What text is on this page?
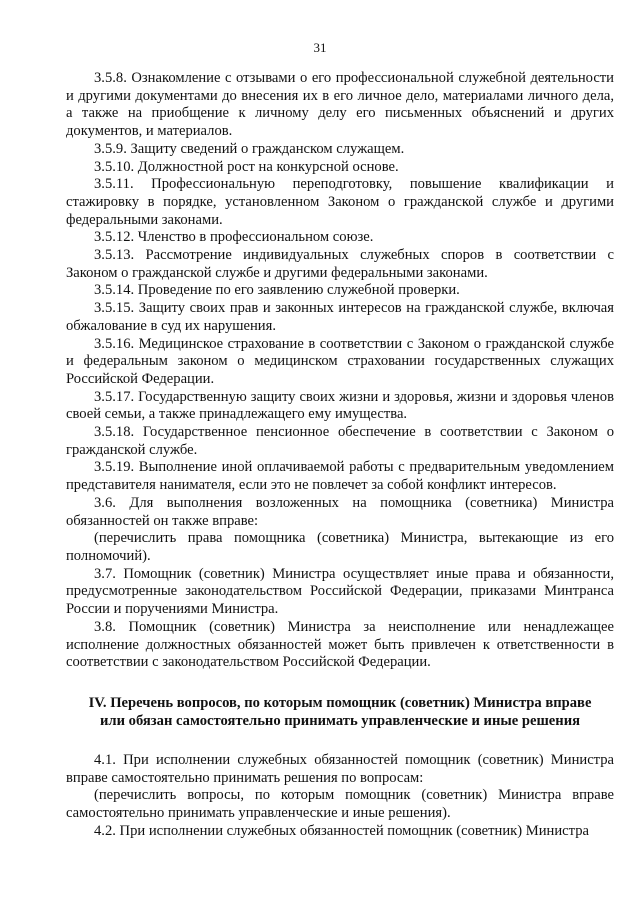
31

3.5.8. Ознакомление с отзывами о его профессиональной служебной деятельности и другими документами до внесения их в его личное дело, материалами личного дела, а также на приобщение к личному делу его письменных объяснений и других документов, и материалов.

3.5.9. Защиту сведений о гражданском служащем.

3.5.10. Должностной рост на конкурсной основе.

3.5.11. Профессиональную переподготовку, повышение квалификации и стажировку в порядке, установленном Законом о гражданской службе и другими федеральными законами.

3.5.12. Членство в профессиональном союзе.

3.5.13. Рассмотрение индивидуальных служебных споров в соответствии с Законом о гражданской службе и другими федеральными законами.

3.5.14. Проведение по его заявлению служебной проверки.

3.5.15. Защиту своих прав и законных интересов на гражданской службе, включая обжалование в суд их нарушения.

3.5.16. Медицинское страхование в соответствии с Законом о гражданской службе и федеральным законом о медицинском страховании государственных служащих Российской Федерации.

3.5.17. Государственную защиту своих жизни и здоровья, жизни и здоровья членов своей семьи, а также принадлежащего ему имущества.

3.5.18. Государственное пенсионное обеспечение в соответствии с Законом о гражданской службе.

3.5.19. Выполнение иной оплачиваемой работы с предварительным уведомлением представителя нанимателя, если это не повлечет за собой конфликт интересов.

3.6. Для выполнения возложенных на помощника (советника) Министра обязанностей он также вправе:

(перечислить права помощника (советника) Министра, вытекающие из его полномочий).

3.7. Помощник (советник) Министра осуществляет иные права и обязанности, предусмотренные законодательством Российской Федерации, приказами Минтранса России и поручениями Министра.

3.8. Помощник (советник) Министра за неисполнение или ненадлежащее исполнение должностных обязанностей может быть привлечен к ответственности в соответствии с законодательством Российской Федерации.

IV. Перечень вопросов, по которым помощник (советник) Министра вправе
или обязан самостоятельно принимать управленческие и иные решения

4.1. При исполнении служебных обязанностей помощник (советник) Министра вправе самостоятельно принимать решения по вопросам:

(перечислить вопросы, по которым помощник (советник) Министра вправе самостоятельно принимать управленческие и иные решения).

4.2. При исполнении служебных обязанностей помощник (советник) Министра
